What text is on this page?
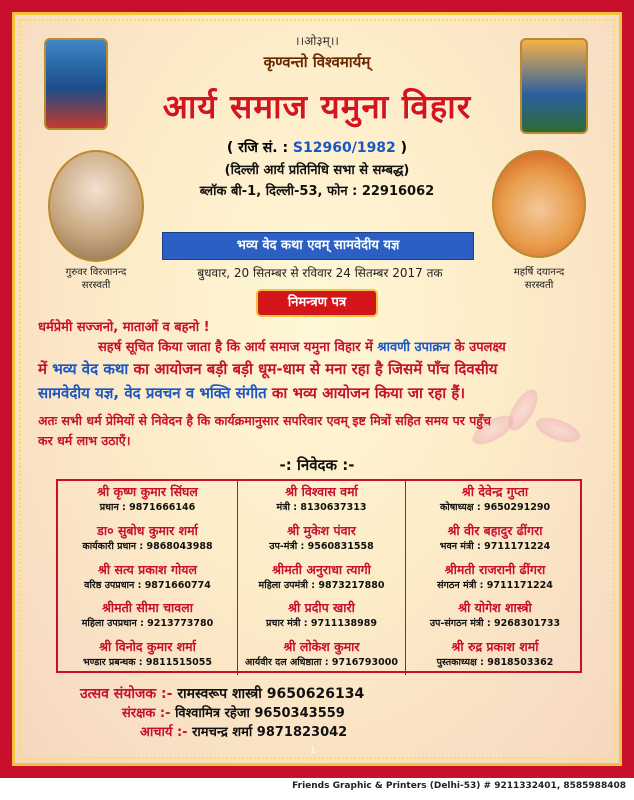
।।ओ३म्।।
कृण्वन्तो विश्वमार्यम्
आर्य समाज यमुना विहार
( रजि सं. : S12960/1982 )
(दिल्ली आर्य प्रतिनिधि सभा से सम्बद्ध)
ब्लॉक बी-1, दिल्ली-53, फोन : 22916062
गुरुवर विरजानन्द
सरस्वती
महर्षि दयानन्द
सरस्वती
भव्य वेद कथा एवम् सामवेदीय यज्ञ
बुधवार, 20 सितम्बर से रविवार 24 सितम्बर 2017 तक
निमन्त्रण पत्र
धर्मप्रेमी सज्जनो, माताओं व बहनो !
सहर्ष सूचित किया जाता है कि आर्य समाज यमुना विहार में श्रावणी उपाक्रम के उपलक्ष्य
में भव्य वेद कथा का आयोजन बड़ी बड़ी धूम-धाम से मना रहा है जिसमें पाँच दिवसीय
सामवेदीय यज्ञ, वेद प्रवचन व भक्ति संगीत का भव्य आयोजन किया जा रहा हैं।
अतः सभी धर्म प्रेमियों से निवेदन है कि कार्यक्रमानुसार सपरिवार एवम् इष्ट मित्रों सहित समय पर पहुँच
कर धर्म लाभ उठाएँ।
-: निवेदक :-
श्री कृष्ण कुमार सिंघल
प्रधान : 9871666146
डा० सुबोध कुमार शर्मा
कार्यकारी प्रधान : 9868043988
श्री सत्य प्रकाश गोयल
वरिष्ठ उपप्रधान : 9871660774
श्रीमती सीमा चावला
महिला उपप्रधान : 9213773780
श्री विनोद कुमार शर्मा
भण्डार प्रबन्धक : 9811515055
श्री विश्वास वर्मा
मंत्री : 8130637313
श्री मुकेश पंवार
उप-मंत्री : 9560831558
श्रीमती अनुराधा त्यागी
महिला उपमंत्री : 9873217880
श्री प्रदीप खारी
प्रचार मंत्री : 9711138989
श्री लोकेश कुमार
आर्यवीर दल अधिष्ठाता : 9716793000
श्री देवेन्द्र गुप्ता
कोषाध्यक्ष : 9650291290
श्री वीर बहादुर ढींगरा
भवन मंत्री : 9711171224
श्रीमती राजरानी ढींगरा
संगठन मंत्री : 9711171224
श्री योगेश शास्त्री
उप-संगठन मंत्री : 9268301733
श्री रुद्र प्रकाश शर्मा
पुस्तकाध्यक्ष : 9818503362
उत्सव संयोजक :- रामस्वरूप शास्त्री 9650626134
संरक्षक :- विश्वामित्र रहेजा 9650343559
आचार्य :- रामचन्द्र शर्मा 9871823042
1
Friends Graphic & Printers (Delhi-53) # 9211332401, 8585988408
